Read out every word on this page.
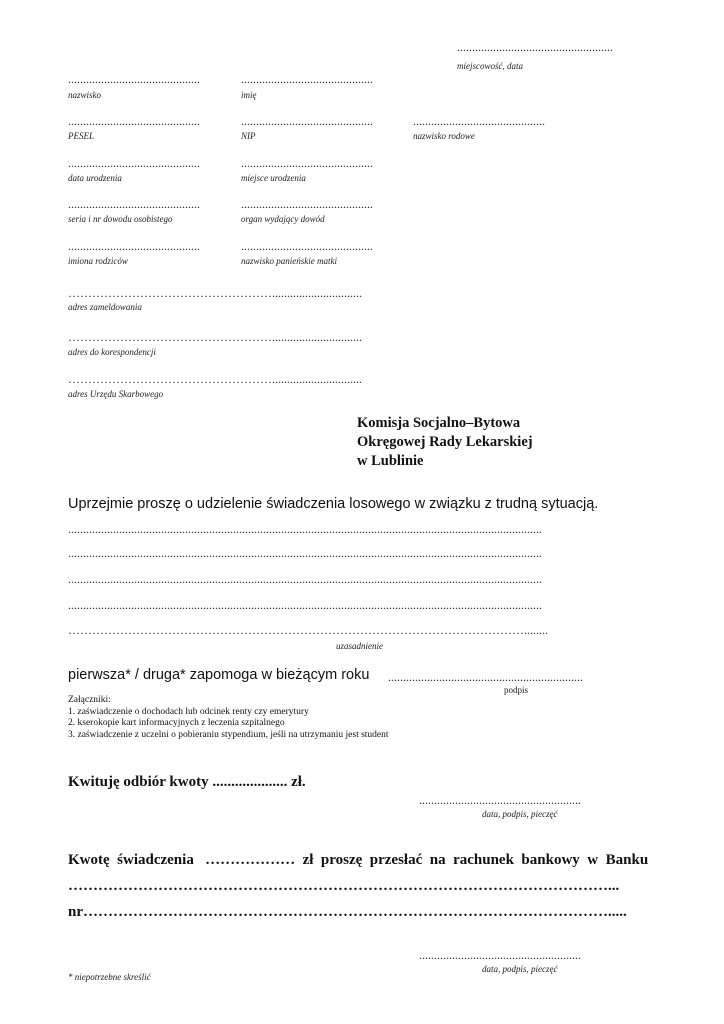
....................................................
miejscowość, data
............................................
nazwisko
............................................
imię
............................................
PESEL
............................................
NIP
............................................
nazwisko rodowe
............................................
data urodzenia
............................................
miejsce urodzenia
............................................
seria i nr dowodu osobistego
............................................
organ wydający dowód
............................................
imiona rodziców
............................................
nazwisko panieńskie matki
……………………………………………..............................
adres zameldowania
……………………………………………..............................
adres do korespondencji
……………………………………………..............................
adres Urzędu Skarbowego
Komisja Socjalno–Bytowa
Okręgowej Rady Lekarskiej
w Lublinie
Uprzejmie proszę o udzielenie świadczenia losowego w związku z trudną sytuacją.
..............................................................................................................................................................
..............................................................................................................................................................
..............................................................................................................................................................
..............................................................................................................................................................
……………………………………………………………………………………………………........
uzasadnienie
pierwsza* / druga* zapomoga w bieżącym roku .................................................................
podpis
Załączniki:
1. zaświadczenie o dochodach lub odcinek renty czy emerytury
2. kserokopie kart informacyjnych z leczenia szpitalnego
3. zaświadczenie z uczelni o pobieraniu stypendium, jeśli na utrzymaniu jest student
Kwituję odbiór kwoty .................... zł.
......................................................
data, podpis, pieczęć
Kwotę  świadczenia   ………………  zł  proszę  przesłać  na  rachunek  bankowy  w  Banku
………………………………………………………………………………………………...
nr…………………………………………………………………………………………….....
......................................................
data, podpis, pieczęć
* niepotrzebne skreślić
